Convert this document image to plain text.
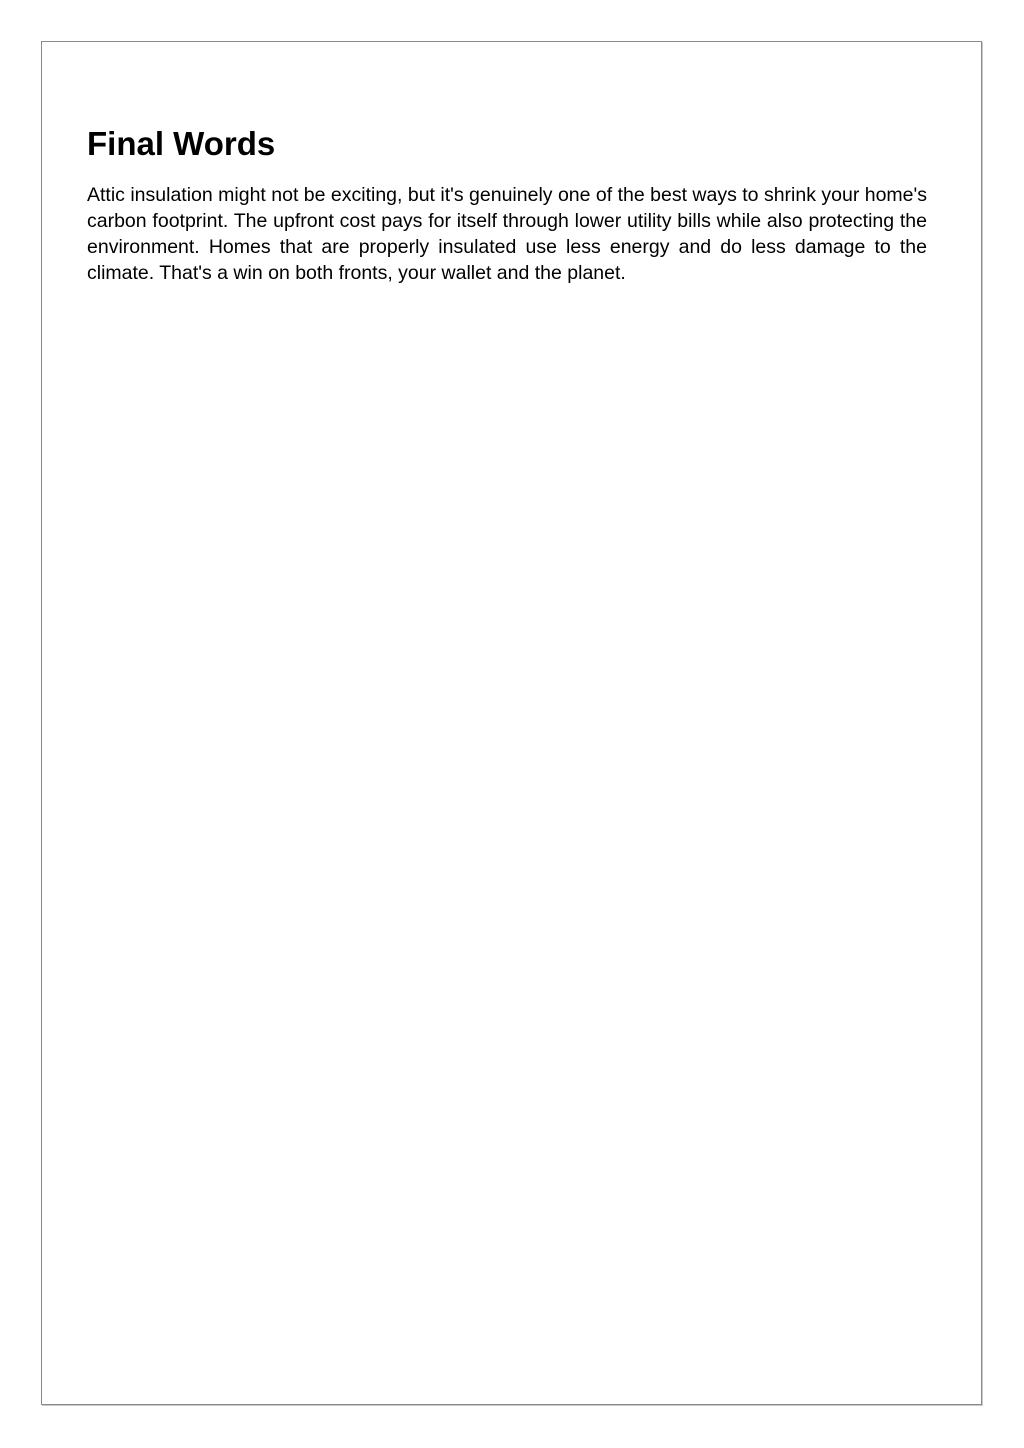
Final Words

Attic insulation might not be exciting, but it's genuinely one of the best ways to shrink your home's carbon footprint. The upfront cost pays for itself through lower utility bills while also protecting the environment. Homes that are properly insulated use less energy and do less damage to the climate. That's a win on both fronts, your wallet and the planet.
